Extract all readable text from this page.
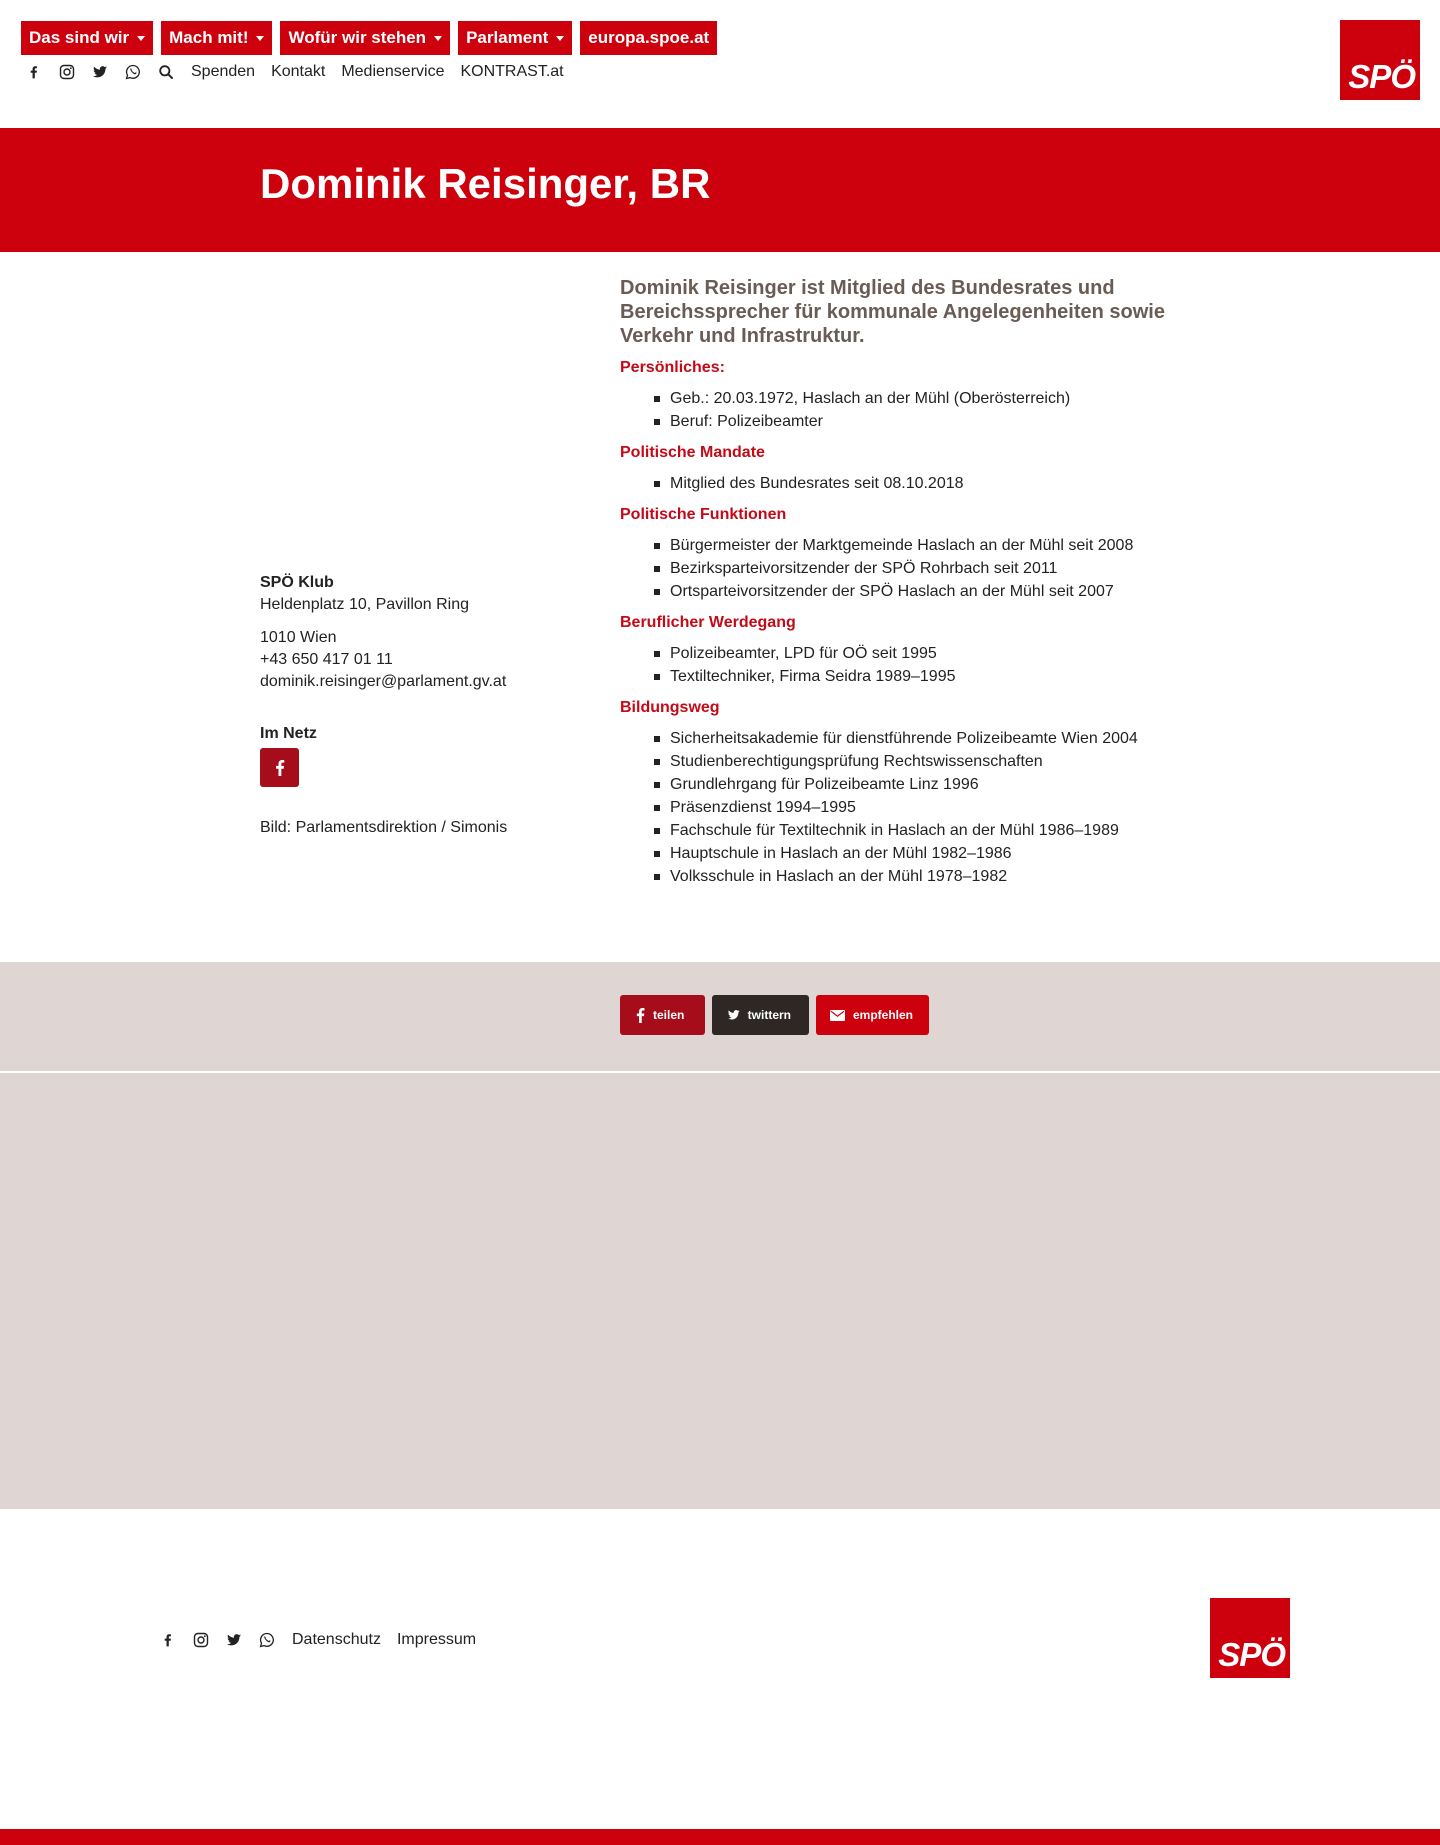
Das sind wir Mach mit! Wofür wir stehen Parlament europa.spoe.at
Spenden Kontakt Medienservice KONTRAST.at	SPÖ
Dominik Reisinger, BR
SPÖ Klub
Heldenplatz 10, Pavillon Ring
1010 Wien
+43 650 417 01 11
dominik.reisinger@parlament.gv.at
Im Netz
Bild: Parlamentsdirektion / Simonis

Dominik Reisinger ist Mitglied des Bundesrates und Bereichssprecher für kommunale Angelegenheiten sowie Verkehr und Infrastruktur.

Persönliches:
Geb.: 20.03.1972, Haslach an der Mühl (Oberösterreich)
Beruf: Polizeibeamter
Politische Mandate
Mitglied des Bundesrates seit 08.10.2018
Politische Funktionen
Bürgermeister der Marktgemeinde Haslach an der Mühl seit 2008
Bezirksparteivorsitzender der SPÖ Rohrbach seit 2011
Ortsparteivorsitzender der SPÖ Haslach an der Mühl seit 2007
Beruflicher Werdegang
Polizeibeamter, LPD für OÖ seit 1995
Textiltechniker, Firma Seidra 1989–1995
Bildungsweg
Sicherheitsakademie für dienstführende Polizeibeamte Wien 2004
Studienberechtigungsprüfung Rechtswissenschaften
Grundlehrgang für Polizeibeamte Linz 1996
Präsenzdienst 1994–1995
Fachschule für Textiltechnik in Haslach an der Mühl 1986–1989
Hauptschule in Haslach an der Mühl 1982–1986
Volksschule in Haslach an der Mühl 1978–1982
teilen	twittern	empfehlen
Datenschutz Impressum	SPÖ
